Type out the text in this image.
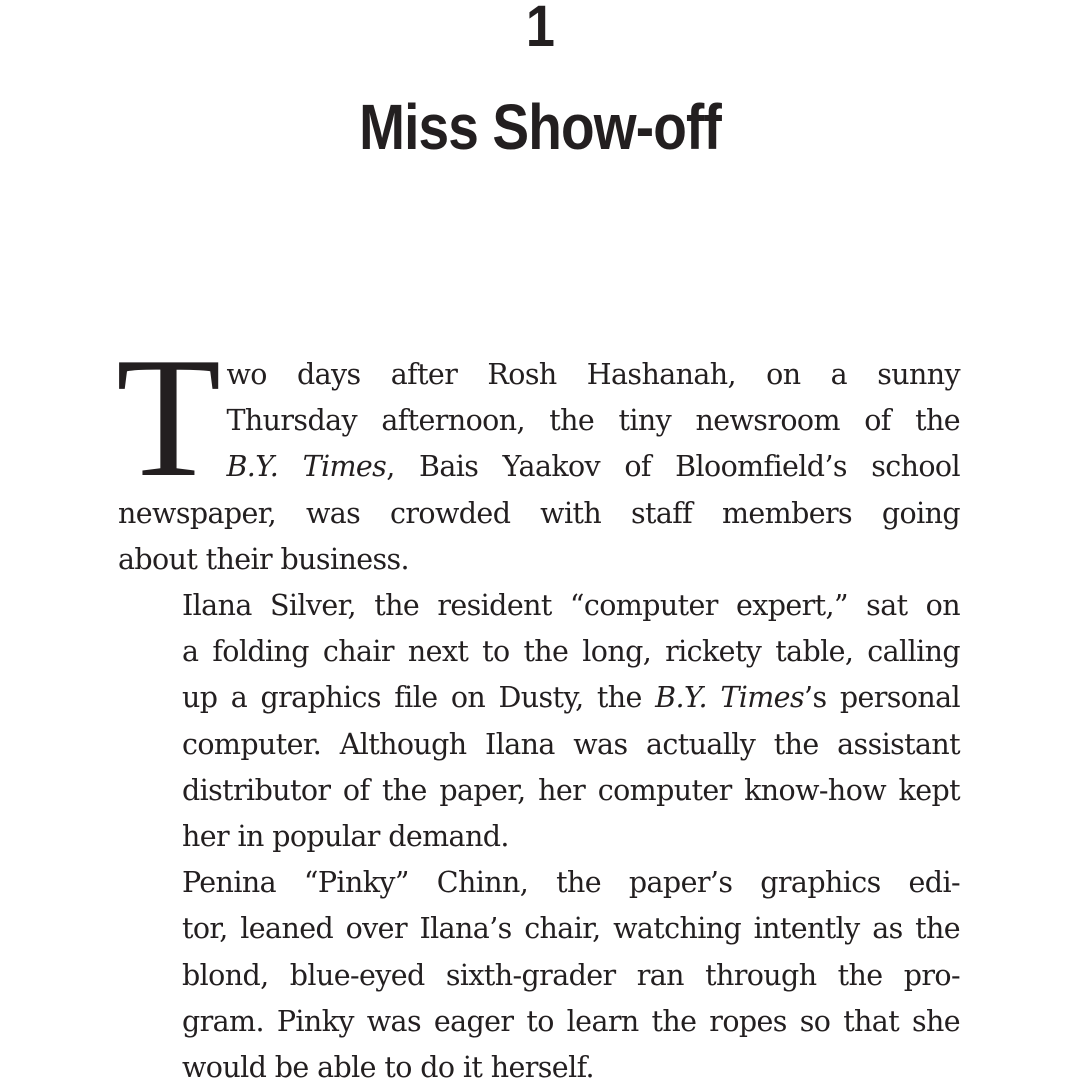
1
Miss Show-off

T wo days after Rosh Hashanah, on a sunny
Thursday afternoon, the tiny newsroom of the
B.Y. Times, Bais Yaakov of Bloomfield’s school
newspaper, was crowded with staff members going
about their business.

Ilana Silver, the resident “computer expert,” sat on
a folding chair next to the long, rickety table, calling
up a graphics file on Dusty, the B.Y. Times’s personal
computer. Although Ilana was actually the assistant
distributor of the paper, her computer know-how kept
her in popular demand.

Penina “Pinky” Chinn, the paper’s graphics edi-
tor, leaned over Ilana’s chair, watching intently as the
blond, blue-eyed sixth-grader ran through the pro-
gram. Pinky was eager to learn the ropes so that she
would be able to do it herself.
